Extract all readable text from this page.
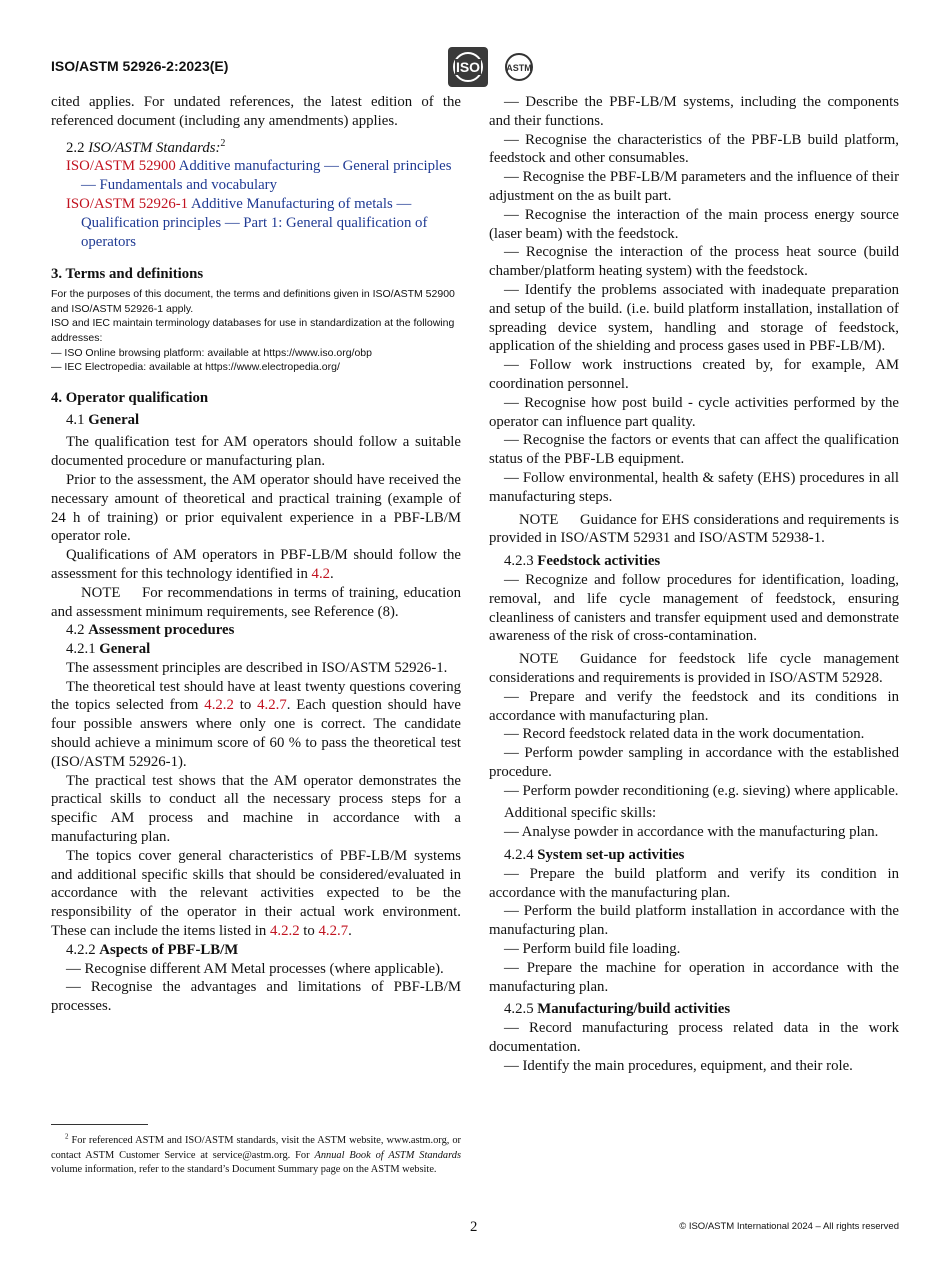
ISO/ASTM 52926-2:2023(E)	ISO	ASTM

cited applies. For undated references, the latest edition of the referenced document (including any amendments) applies.

2.2 ISO/ASTM Standards:$^2$
ISO/ASTM 52900 Additive manufacturing — General principles — Fundamentals and vocabulary
ISO/ASTM 52926-1 Additive Manufacturing of metals — Qualification principles — Part 1: General qualification of operators
3. Terms and definitions

For the purposes of this document, the terms and definitions given in ISO/ASTM 52900 and ISO/ASTM 52926-1 apply.

ISO and IEC maintain terminology databases for use in standardization at the following addresses:

— ISO Online browsing platform: available at https://www.iso.org/obp

— IEC Electropedia: available at https://www.electropedia.org/

4. Operator qualification
4.1 General

The qualification test for AM operators should follow a suitable documented procedure or manufacturing plan.

Prior to the assessment, the AM operator should have received the necessary amount of theoretical and practical training (example of 24 h of training) or prior equivalent experience in a PBF-LB/M operator role.

Qualifications of AM operators in PBF-LB/M should follow the assessment for this technology identified in 4.2.

NOTE For recommendations in terms of training, education and assessment minimum requirements, see Reference (8).

4.2 Assessment procedures
4.2.1 General

The assessment principles are described in ISO/ASTM 52926-1.

The theoretical test should have at least twenty questions covering the topics selected from 4.2.2 to 4.2.7. Each question should have four possible answers where only one is correct. The candidate should achieve a minimum score of 60 % to pass the theoretical test (ISO/ASTM 52926-1).

The practical test shows that the AM operator demonstrates the practical skills to conduct all the necessary process steps for a specific AM process and machine in accordance with a manufacturing plan.

The topics cover general characteristics of PBF-LB/M systems and additional specific skills that should be considered/evaluated in accordance with the relevant activities expected to be the responsibility of the operator in their actual work environment. These can include the items listed in 4.2.2 to 4.2.7.

4.2.2 Aspects of PBF-LB/M

— Recognise different AM Metal processes (where applicable).

— Recognise the advantages and limitations of PBF-LB/M processes.

— Describe the PBF-LB/M systems, including the components and their functions.

— Recognise the characteristics of the PBF-LB build platform, feedstock and other consumables.

— Recognise the PBF-LB/M parameters and the influence of their adjustment on the as built part.

— Recognise the interaction of the main process energy source (laser beam) with the feedstock.

— Recognise the interaction of the process heat source (build chamber/platform heating system) with the feedstock.

— Identify the problems associated with inadequate preparation and setup of the build. (i.e. build platform installation, installation of spreading device system, handling and storage of feedstock, application of the shielding and process gases used in PBF-LB/M).

— Follow work instructions created by, for example, AM coordination personnel.

— Recognise how post build - cycle activities performed by the operator can influence part quality.

— Recognise the factors or events that can affect the qualification status of the PBF-LB equipment.

— Follow environmental, health & safety (EHS) procedures in all manufacturing steps.

NOTE Guidance for EHS considerations and requirements is provided in ISO/ASTM 52931 and ISO/ASTM 52938-1.

4.2.3 Feedstock activities

— Recognize and follow procedures for identification, loading, removal, and life cycle management of feedstock, ensuring cleanliness of canisters and transfer equipment used and demonstrate awareness of the risk of cross-contamination.

NOTE Guidance for feedstock life cycle management considerations and requirements is provided in ISO/ASTM 52928.

— Prepare and verify the feedstock and its conditions in accordance with manufacturing plan.

— Record feedstock related data in the work documentation.

— Perform powder sampling in accordance with the established procedure.

— Perform powder reconditioning (e.g. sieving) where applicable.

Additional specific skills:

— Analyse powder in accordance with the manufacturing plan.

4.2.4 System set-up activities

— Prepare the build platform and verify its condition in accordance with the manufacturing plan.

— Perform the build platform installation in accordance with the manufacturing plan.

— Perform build file loading.

— Prepare the machine for operation in accordance with the manufacturing plan.

4.2.5 Manufacturing/build activities

— Record manufacturing process related data in the work documentation.

— Identify the main procedures, equipment, and their role.

$^2$ For referenced ASTM and ISO/ASTM standards, visit the ASTM website, www.astm.org, or contact ASTM Customer Service at service@astm.org. For Annual Book of ASTM Standards volume information, refer to the standard’s Document Summary page on the ASTM website.
2	© ISO/ASTM International 2024 – All rights reserved
